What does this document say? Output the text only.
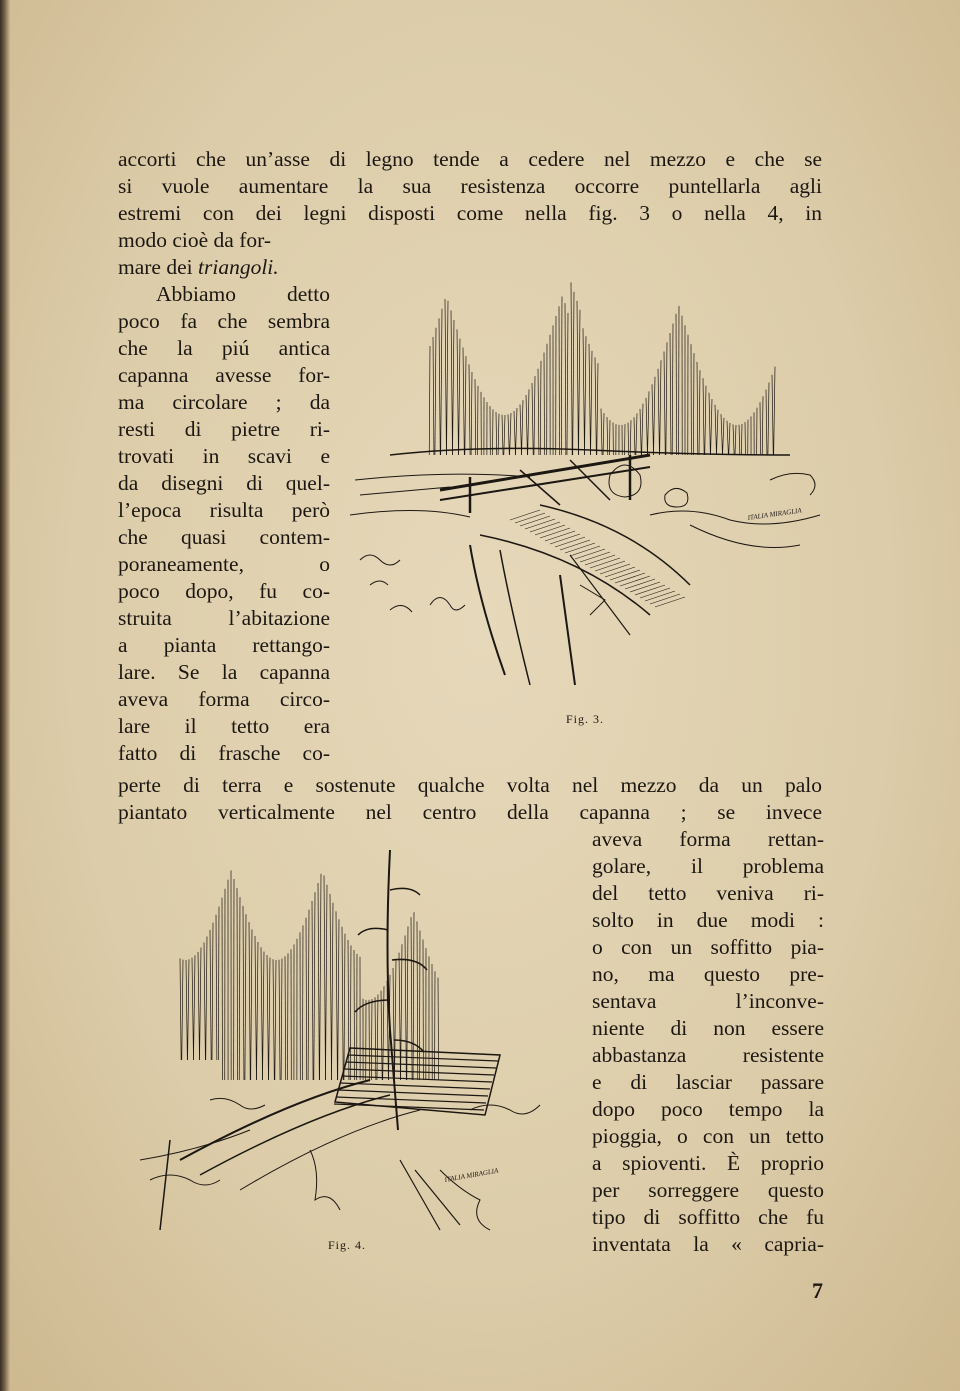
accorti che un’asse di legno tende a cedere nel mezzo e che se
si vuole aumentare la sua resistenza occorre puntellarla agli
estremi con dei legni disposti come nella fig. 3 o nella 4, in
modo cioè da for-
mare dei triangoli.
Abbiamo detto
poco fa che sembra
che la piú antica
capanna avesse for-
ma circolare ; da
resti di pietre ri-
trovati in scavi e
da disegni di quel-
l’epoca risulta però
che quasi contem-
poraneamente, o
poco dopo, fu co-
struita l’abitazione
a pianta rettango-
lare. Se la capanna
aveva forma circo-
lare il tetto era
fatto di frasche co-
ITALIA MIRAGLIA
Fig. 3.
perte di terra e sostenute qualche volta nel mezzo da un palo
piantato verticalmente nel centro della capanna ; se invece
aveva forma rettan-
golare, il problema
del tetto veniva ri-
solto in due modi :
o con un soffitto pia-
no, ma questo pre-
sentava l’inconve-
niente di non essere
abbastanza resistente
e di lasciar passare
dopo poco tempo la
pioggia, o con un tetto
a spioventi. È proprio
per sorreggere questo
tipo di soffitto che fu
inventata la « capria-
ITALIA MIRAGLIA
Fig. 4.
7
